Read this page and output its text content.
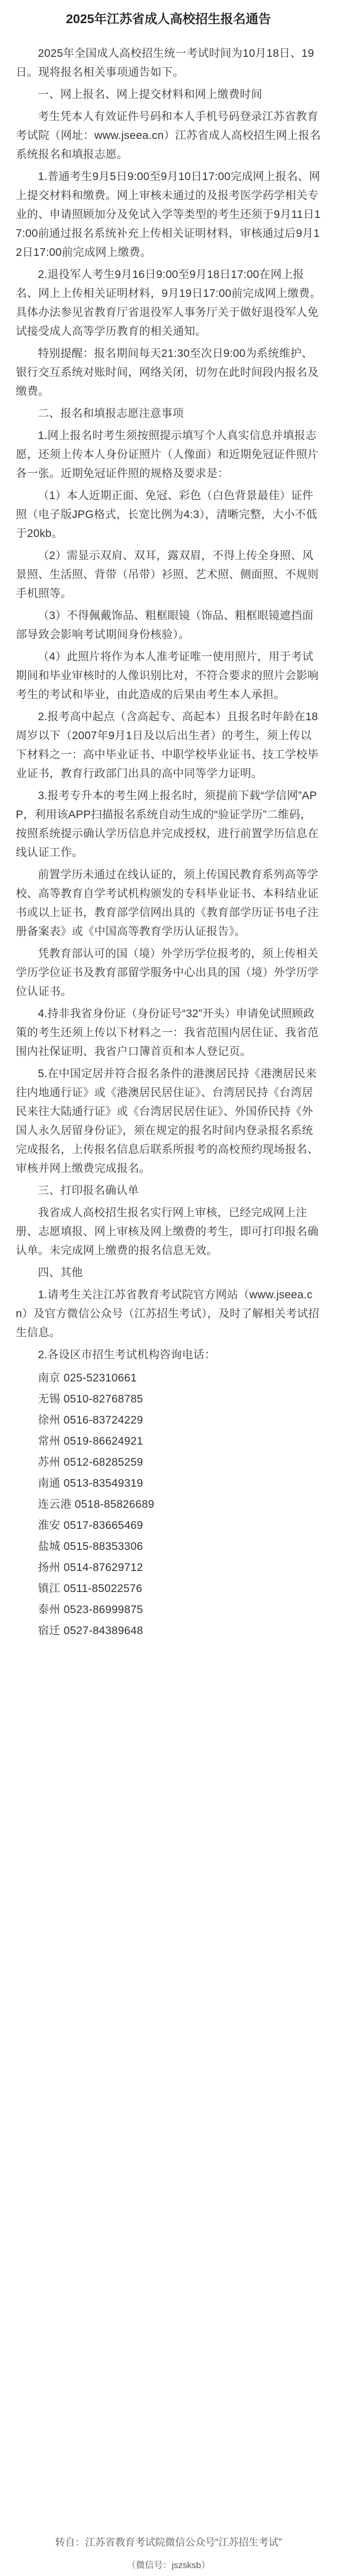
2025年江苏省成人高校招生报名通告

2025年全国成人高校招生统一考试时间为10月18日、19日。现将报名相关事项通告如下。

一、网上报名、网上提交材料和网上缴费时间

考生凭本人有效证件号码和本人手机号码登录江苏省教育考试院（网址：www.jseea.cn）江苏省成人高校招生网上报名系统报名和填报志愿。

1.普通考生9月5日9:00至9月10日17:00完成网上报名、网上提交材料和缴费。网上审核未通过的及报考医学药学相关专业的、申请照顾加分及免试入学等类型的考生还须于9月11日17:00前通过报名系统补充上传相关证明材料，审核通过后9月12日17:00前完成网上缴费。

2.退役军人考生9月16日9:00至9月18日17:00在网上报名、网上上传相关证明材料，9月19日17:00前完成网上缴费。具体办法参见省教育厅省退役军人事务厅关于做好退役军人免试接受成人高等学历教育的相关通知。

特别提醒：报名期间每天21:30至次日9:00为系统维护、银行交互系统对账时间，网络关闭，切勿在此时间段内报名及缴费。

二、报名和填报志愿注意事项

1.网上报名时考生须按照提示填写个人真实信息并填报志愿，还须上传本人身份证照片（人像面）和近期免冠证件照片各一张。近期免冠证件照的规格及要求是：

（1）本人近期正面、免冠、彩色（白色背景最佳）证件照（电子版JPG格式，长宽比例为4:3），清晰完整，大小不低于20kb。

（2）需显示双肩、双耳，露双眉，不得上传全身照、风景照、生活照、背带（吊带）衫照、艺术照、侧面照、不规则手机照等。

（3）不得佩戴饰品、粗框眼镜（饰品、粗框眼镜遮挡面部导致会影响考试期间身份核验）。

（4）此照片将作为本人准考证唯一使用照片，用于考试期间和毕业审核时的人像识别比对，不符合要求的照片会影响考生的考试和毕业，由此造成的后果由考生本人承担。

2.报考高中起点（含高起专、高起本）且报名时年龄在18周岁以下（2007年9月1日及以后出生者）的考生，须上传以下材料之一：高中毕业证书、中职学校毕业证书、技工学校毕业证书，教育行政部门出具的高中同等学力证明。

3.报考专升本的考生网上报名时，须提前下载“学信网”APP，利用该APP扫描报名系统自动生成的“验证学历”二维码，按照系统提示确认学历信息并完成授权，进行前置学历信息在线认证工作。

前置学历未通过在线认证的，须上传国民教育系列高等学校、高等教育自学考试机构颁发的专科毕业证书、本科结业证书或以上证书，教育部学信网出具的《教育部学历证书电子注册备案表》或《中国高等教育学历认证报告》。

凭教育部认可的国（境）外学历学位报考的，须上传相关学历学位证书及教育部留学服务中心出具的国（境）外学历学位认证书。

4.持非我省身份证（身份证号“32”开头）申请免试照顾政策的考生还须上传以下材料之一：我省范围内居住证、我省范围内社保证明、我省户口簿首页和本人登记页。

5.在中国定居并符合报名条件的港澳居民持《港澳居民来往内地通行证》或《港澳居民居住证》、台湾居民持《台湾居民来往大陆通行证》或《台湾居民居住证》、外国侨民持《外国人永久居留身份证》，须在规定的报名时间内登录报名系统完成报名，上传报名信息后联系所报考的高校预约现场报名、审核并网上缴费完成报名。

三、打印报名确认单

我省成人高校招生报名实行网上审核，已经完成网上注册、志愿填报、网上审核及网上缴费的考生，即可打印报名确认单。未完成网上缴费的报名信息无效。

四、其他

1.请考生关注江苏省教育考试院官方网站（www.jseea.cn）及官方微信公众号（江苏招生考试），及时了解相关考试招生信息。

2.各设区市招生考试机构咨询电话：

南京 025-52310661

无锡 0510-82768785

徐州 0516-83724229

常州 0519-86624921

苏州 0512-68285259

南通 0513-83549319

连云港 0518-85826689

淮安 0517-83665469

盐城 0515-88353306

扬州 0514-87629712

镇江 0511-85022576

泰州 0523-86999875

宿迁 0527-84389648

转自：江苏省教育考试院微信公众号“江苏招生考试”
（微信号：jszsksb）
